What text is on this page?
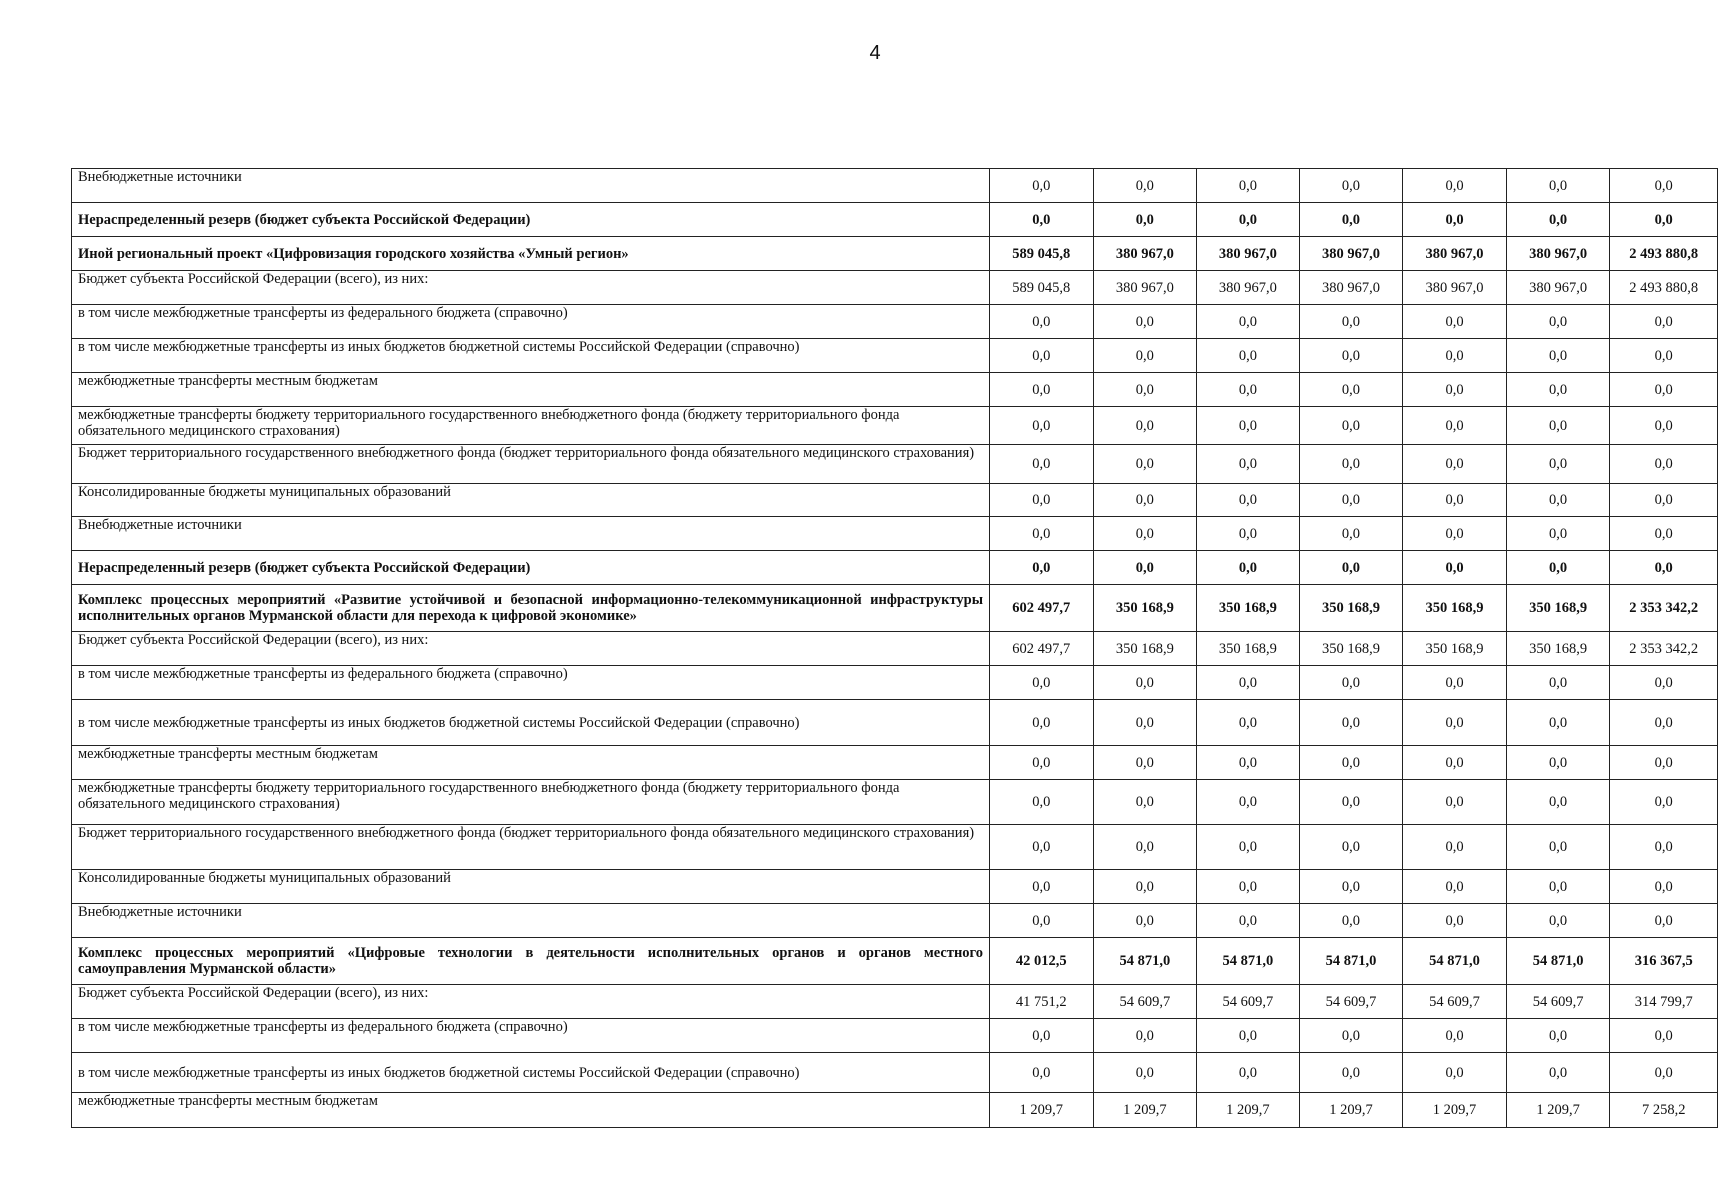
4
Внебюджетные источники	0,0	0,0	0,0	0,0	0,0	0,0	0,0
Нераспределенный резерв (бюджет субъекта Российской Федерации)	0,0	0,0	0,0	0,0	0,0	0,0	0,0
Иной региональный проект «Цифровизация городского хозяйства «Умный регион»	589 045,8	380 967,0	380 967,0	380 967,0	380 967,0	380 967,0	2 493 880,8
Бюджет субъекта Российской Федерации (всего), из них:	589 045,8	380 967,0	380 967,0	380 967,0	380 967,0	380 967,0	2 493 880,8
в том числе межбюджетные трансферты из федерального бюджета (справочно)	0,0	0,0	0,0	0,0	0,0	0,0	0,0
в том числе межбюджетные трансферты из иных бюджетов бюджетной системы Российской Федерации (справочно)	0,0	0,0	0,0	0,0	0,0	0,0	0,0
межбюджетные трансферты местным бюджетам	0,0	0,0	0,0	0,0	0,0	0,0	0,0
межбюджетные трансферты бюджету территориального государственного внебюджетного фонда (бюджету территориального фонда обязательного медицинского страхования)	0,0	0,0	0,0	0,0	0,0	0,0	0,0
Бюджет территориального государственного внебюджетного фонда (бюджет территориального фонда обязательного медицинского страхования)	0,0	0,0	0,0	0,0	0,0	0,0	0,0
Консолидированные бюджеты муниципальных образований	0,0	0,0	0,0	0,0	0,0	0,0	0,0
Внебюджетные источники	0,0	0,0	0,0	0,0	0,0	0,0	0,0
Нераспределенный резерв (бюджет субъекта Российской Федерации)	0,0	0,0	0,0	0,0	0,0	0,0	0,0
Комплекс процессных мероприятий «Развитие устойчивой и безопасной информационно-телекоммуникационной инфраструктуры исполнительных органов Мурманской области для перехода к цифровой экономике»	602 497,7	350 168,9	350 168,9	350 168,9	350 168,9	350 168,9	2 353 342,2
Бюджет субъекта Российской Федерации (всего), из них:	602 497,7	350 168,9	350 168,9	350 168,9	350 168,9	350 168,9	2 353 342,2
в том числе межбюджетные трансферты из федерального бюджета (справочно)	0,0	0,0	0,0	0,0	0,0	0,0	0,0
в том числе межбюджетные трансферты из иных бюджетов бюджетной системы Российской Федерации (справочно)	0,0	0,0	0,0	0,0	0,0	0,0	0,0
межбюджетные трансферты местным бюджетам	0,0	0,0	0,0	0,0	0,0	0,0	0,0
межбюджетные трансферты бюджету территориального государственного внебюджетного фонда (бюджету территориального фонда обязательного медицинского страхования)	0,0	0,0	0,0	0,0	0,0	0,0	0,0
Бюджет территориального государственного внебюджетного фонда (бюджет территориального фонда обязательного медицинского страхования)	0,0	0,0	0,0	0,0	0,0	0,0	0,0
Консолидированные бюджеты муниципальных образований	0,0	0,0	0,0	0,0	0,0	0,0	0,0
Внебюджетные источники	0,0	0,0	0,0	0,0	0,0	0,0	0,0
Комплекс процессных мероприятий «Цифровые технологии в деятельности исполнительных органов и органов местного самоуправления Мурманской области»	42 012,5	54 871,0	54 871,0	54 871,0	54 871,0	54 871,0	316 367,5
Бюджет субъекта Российской Федерации (всего), из них:	41 751,2	54 609,7	54 609,7	54 609,7	54 609,7	54 609,7	314 799,7
в том числе межбюджетные трансферты из федерального бюджета (справочно)	0,0	0,0	0,0	0,0	0,0	0,0	0,0
в том числе межбюджетные трансферты из иных бюджетов бюджетной системы Российской Федерации (справочно)	0,0	0,0	0,0	0,0	0,0	0,0	0,0
межбюджетные трансферты местным бюджетам	1 209,7	1 209,7	1 209,7	1 209,7	1 209,7	1 209,7	7 258,2
